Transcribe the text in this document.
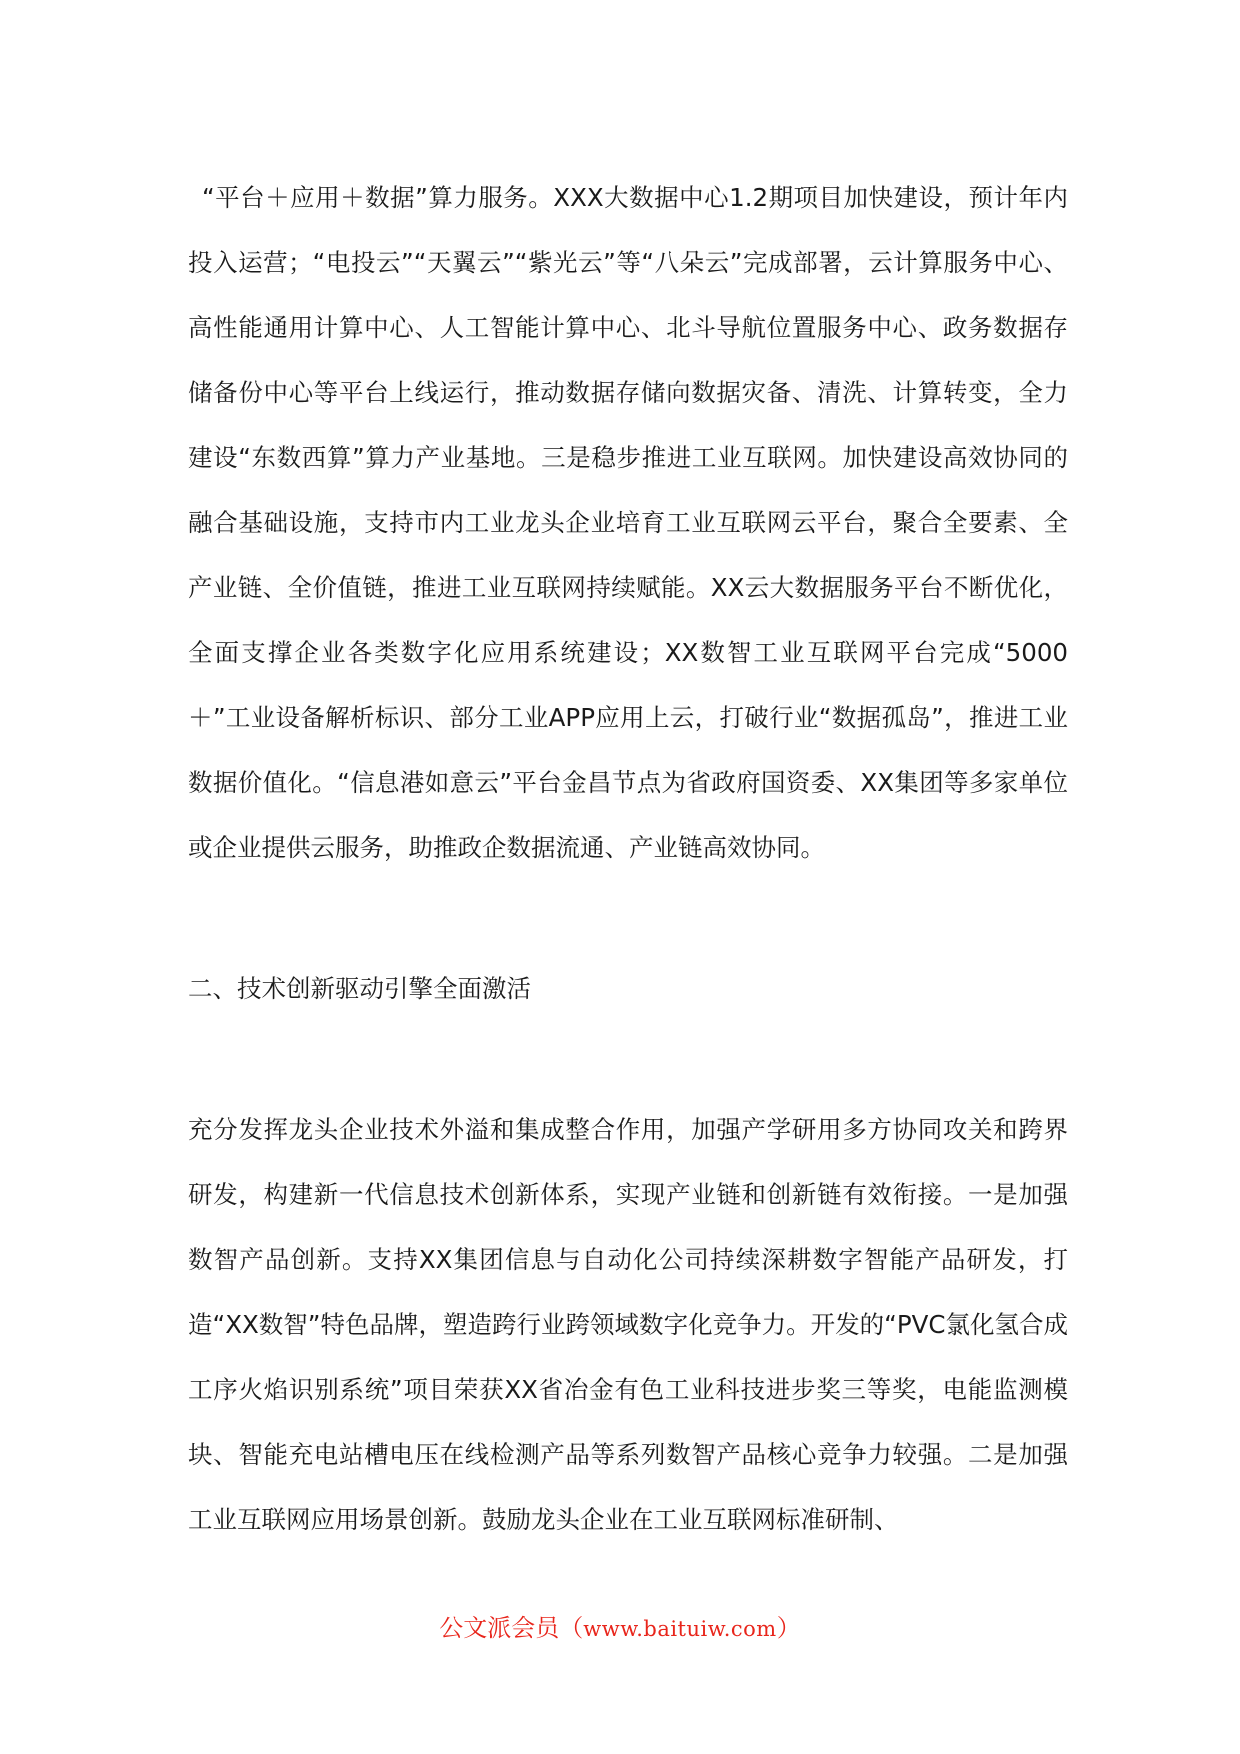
“平台＋应用＋数据”算力服务。XXX大数据中心1.2期项目加快建设，预计年内投入运营；“电投云”“天翼云”“紫光云”等“八朵云”完成部署，云计算服务中心、高性能通用计算中心、人工智能计算中心、北斗导航位置服务中心、政务数据存储备份中心等平台上线运行，推动数据存储向数据灾备、清洗、计算转变，全力建设“东数西算”算力产业基地。三是稳步推进工业互联网。加快建设高效协同的融合基础设施，支持市内工业龙头企业培育工业互联网云平台，聚合全要素、全产业链、全价值链，推进工业互联网持续赋能。XX云大数据服务平台不断优化，全面支撑企业各类数字化应用系统建设；XX数智工业互联网平台完成“5000＋”工业设备解析标识、部分工业APP应用上云，打破行业“数据孤岛”，推进工业数据价值化。“信息港如意云”平台金昌节点为省政府国资委、XX集团等多家单位或企业提供云服务，助推政企数据流通、产业链高效协同。

二、技术创新驱动引擎全面激活

充分发挥龙头企业技术外溢和集成整合作用，加强产学研用多方协同攻关和跨界研发，构建新一代信息技术创新体系，实现产业链和创新链有效衔接。一是加强数智产品创新。支持XX集团信息与自动化公司持续深耕数字智能产品研发，打造“XX数智”特色品牌，塑造跨行业跨领域数字化竞争力。开发的“PVC氯化氢合成工序火焰识别系统”项目荣获XX省冶金有色工业科技进步奖三等奖，电能监测模块、智能充电站槽电压在线检测产品等系列数智产品核心竞争力较强。二是加强工业互联网应用场景创新。鼓励龙头企业在工业互联网标准研制、

公文派会员（www.baituiw.com）
